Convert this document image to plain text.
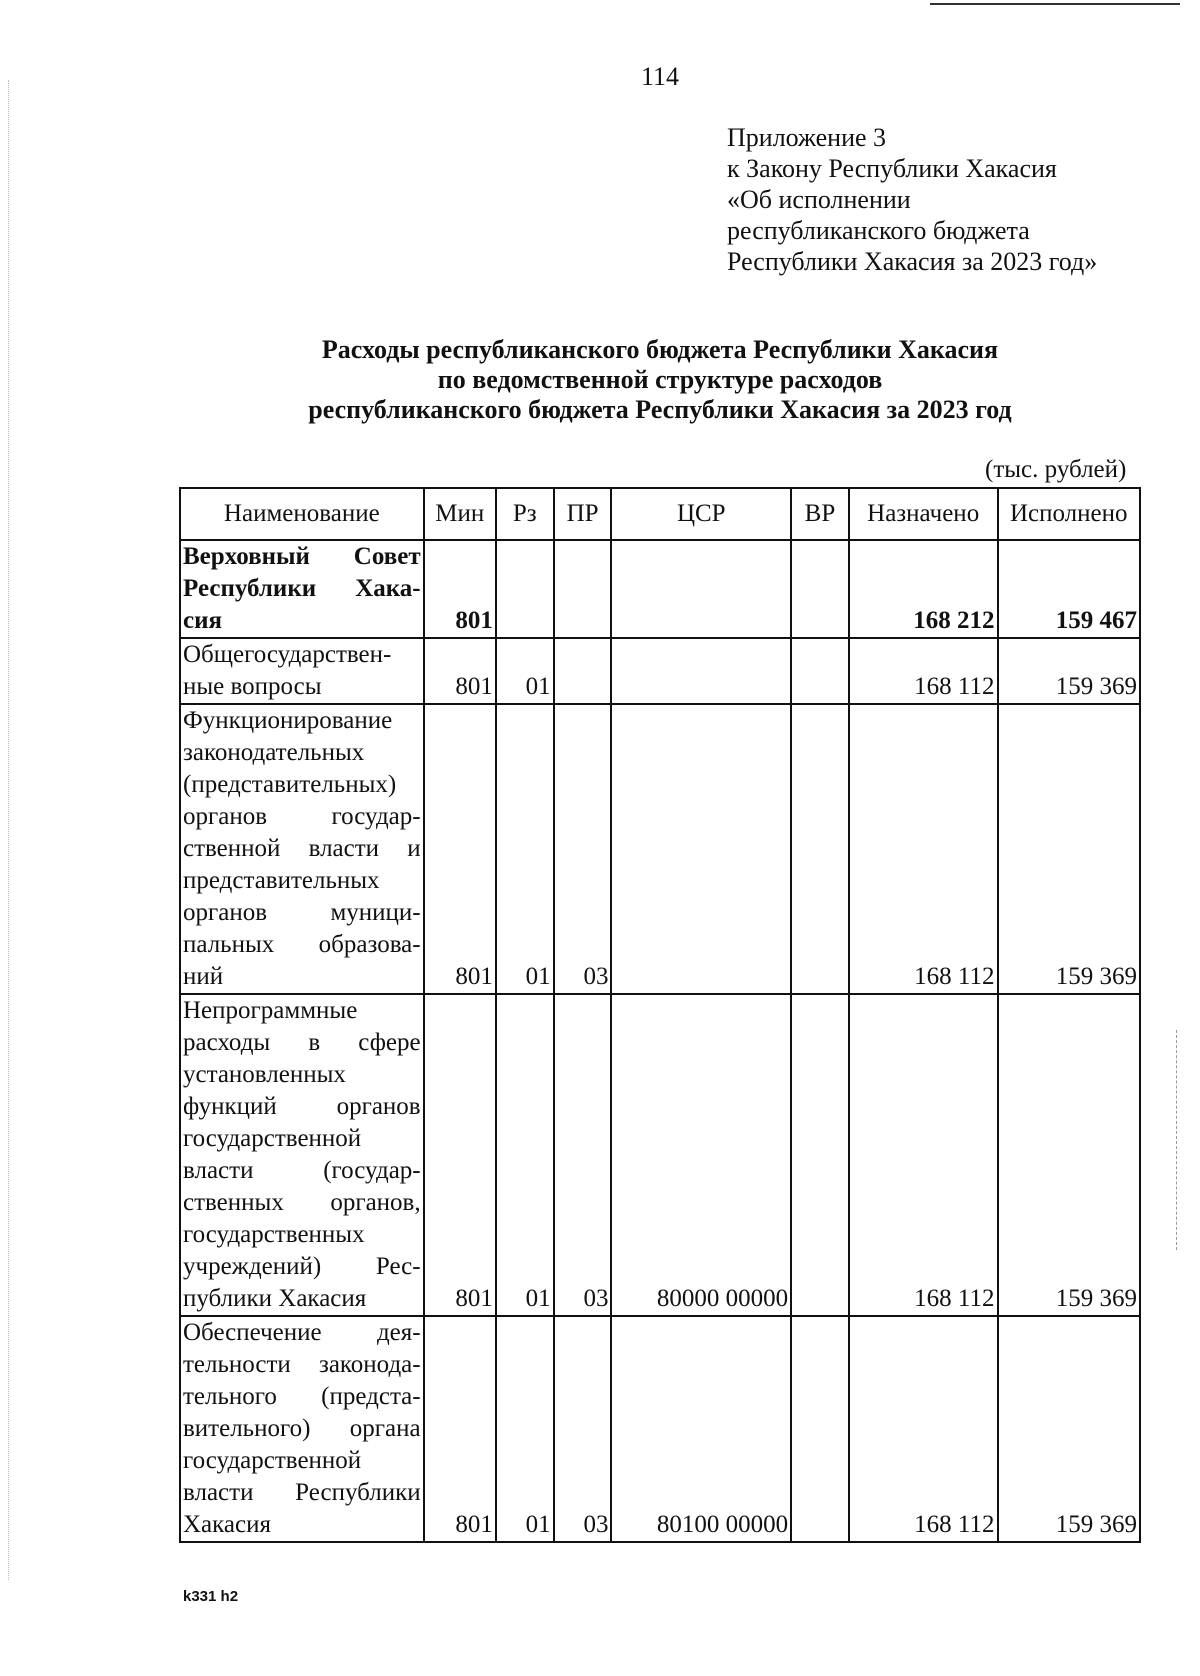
114
Приложение 3
к Закону Республики Хакасия
«Об исполнении
республиканского бюджета
Республики Хакасия за 2023 год»
Расходы республиканского бюджета Республики Хакасия
по ведомственной структуре расходов
республиканского бюджета Республики Хакасия за 2023 год
(тыс. рублей)
Наименование	Мин	Рз	ПР	ЦСР	ВР	Назначено	Исполнено
Верховный Совет Республики Хака-сия	801					168 212	159 467
Общегосударствен-ные вопросы	801	01				168 112	159 369
Функционирование законодательных (представительных) органов государ-ственной власти и представительных органов муници-пальных образова-ний	801	01	03			168 112	159 369
Непрограммные расходы в сфере установленных функций органов государственной власти (государ-ственных органов, государственных учреждений) Рес-публики Хакасия	801	01	03	80000 00000		168 112	159 369
Обеспечение дея-тельности законода-тельного (предста-вительного) органа государственной власти Республики Хакасия	801	01	03	80100 00000		168 112	159 369
k331 h2
